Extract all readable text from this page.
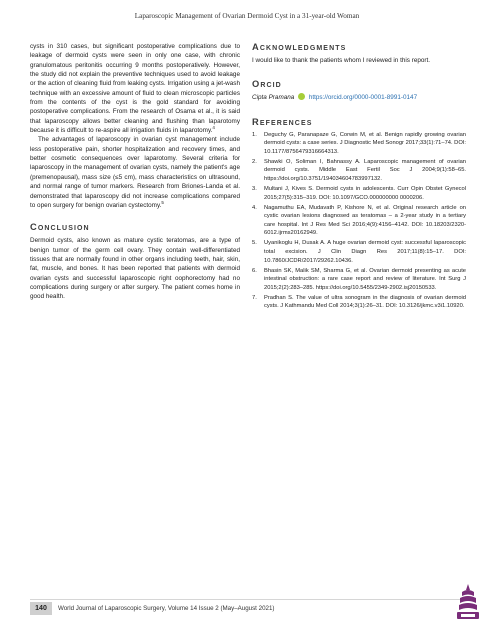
Laparoscopic Management of Ovarian Dermoid Cyst in a 31-year-old Woman

cysts in 310 cases, but significant postoperative complications due to leakage of dermoid cysts were seen in only one case, with chronic granulomatous peritonitis occurring 9 months postoperatively. However, the study did not explain the preventive techniques used to avoid leakage or the action of cleaning fluid from leaking cysts. Irrigation using a jet-wash technique with an excessive amount of fluid to clean microscopic particles from the contents of the cyst is the gold standard for avoiding postoperative complications. From the research of Osama et al., it is said that laparoscopy allows better cleaning and flushing than laparotomy because it is difficult to re-aspire all irrigation fluids in laparotomy.$^4$

The advantages of laparoscopy in ovarian cyst management include less postoperative pain, shorter hospitalization and recovery times, and better cosmetic consequences over laparotomy. Several criteria for laparoscopy in the management of ovarian cysts, namely the patient's age (premenopausal), mass size (≤5 cm), mass characteristics on ultrasound, and normal range of tumor markers. Research from Briones-Landa et al. demonstrated that laparoscopy did not increase complications compared to open surgery for benign ovarian cystectomy.$^5$

Conclusion

Dermoid cysts, also known as mature cystic teratomas, are a type of benign tumor of the germ cell ovary. They contain well-differentiated tissues that are normally found in other organs including teeth, hair, skin, fat, muscle, and bones. It has been reported that patients with dermoid ovarian cysts and successful laparoscopic right oophorectomy had no complications during surgery or after surgery. The patient comes home in good health.

Acknowledgments

I would like to thank the patients whom I reviewed in this report.

Orcid
Cipta Pramana https://orcid.org/0000-0001-8991-0147
References
1. Deguchy G, Paranapaze G, Corwin M, et al. Benign rapidly growing ovarian dermoid cysts: a case series. J Diagnostic Med Sonogr 2017;33(1):71–74. DOI: 10.1177/8756479316664313.
2. Shawki O, Soliman I, Bahnassy A. Laparoscopic management of ovarian dermoid cysts. Middle East Fertil Soc J 2004;9(1):58–65. https://doi.org/10.3751/194034604783997132.
3. Multani J, Kives S. Dermoid cysts in adolescents. Curr Opin Obstet Gynecol 2015;27(5):315–319. DOI: 10.1097/GCO.000000000 0000206.
4. Nagamuthu EA, Mudavath P, Kishore N, et al. Original research article on cystic ovarian lesions diagnosed as teratomas – a 2-year study in a tertiary care hospital. Int J Res Med Sci 2016;4(9):4156–4142. DOI: 10.18203/2320-6012.ijrms20162949.
5. Uyanikoglu H, Dusak A. A huge ovarian dermoid cyst: successful laparoscopic total excision. J Clin Diagn Res 2017;11(8):15–17. DOI: 10.7860/JCDR/2017/29262.10436.
6. Bhasin SK, Malik SM, Sharma G, et al. Ovarian dermoid presenting as acute intestinal obstruction: a rare case report and review of literature. Int Surg J 2015;2(2):283–285. https://doi.org/10.5455/2349-2902.isj20150533.
7. Pradhan S. The value of ultra sonogram in the diagnosis of ovarian dermoid cysts. J Kathmandu Med Coll 2014;3(1):26–31. DOI: 10.3126/jkmc.v3i1.10920.
140	World Journal of Laparoscopic Surgery, Volume 14 Issue 2 (May–August 2021)
